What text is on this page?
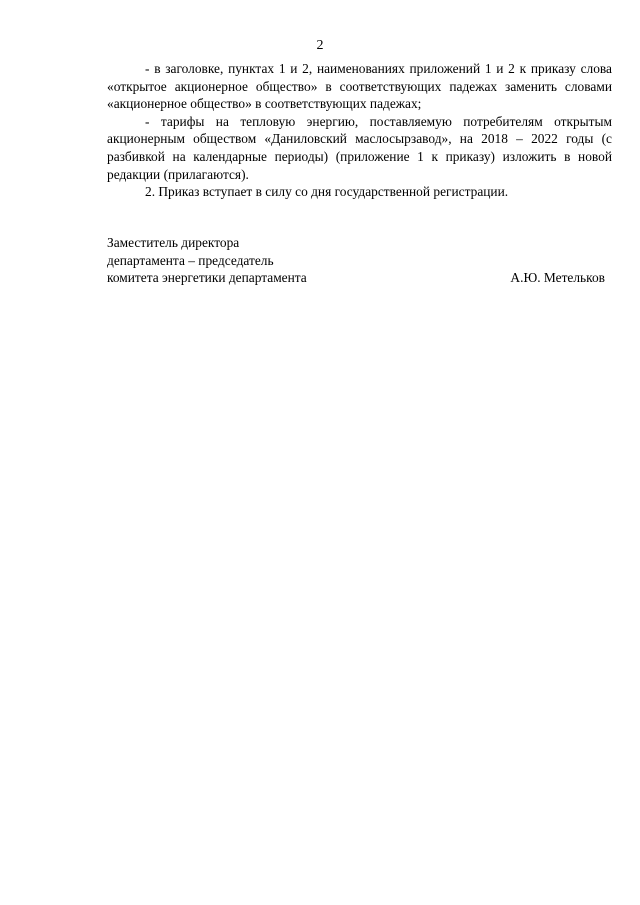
2

- в заголовке, пунктах 1 и 2, наименованиях приложений 1 и 2 к приказу слова «открытое акционерное общество» в соответствующих падежах заменить словами «акционерное общество» в соответствующих падежах;

- тарифы на тепловую энергию, поставляемую потребителям открытым акционерным обществом «Даниловский маслосырзавод», на 2018 – 2022 годы (с разбивкой на календарные периоды) (приложение 1 к приказу) изложить в новой редакции (прилагаются).

2. Приказ вступает в силу со дня государственной регистрации.

Заместитель директора
департамента – председатель
комитета энергетики департамента	А.Ю. Метельков
